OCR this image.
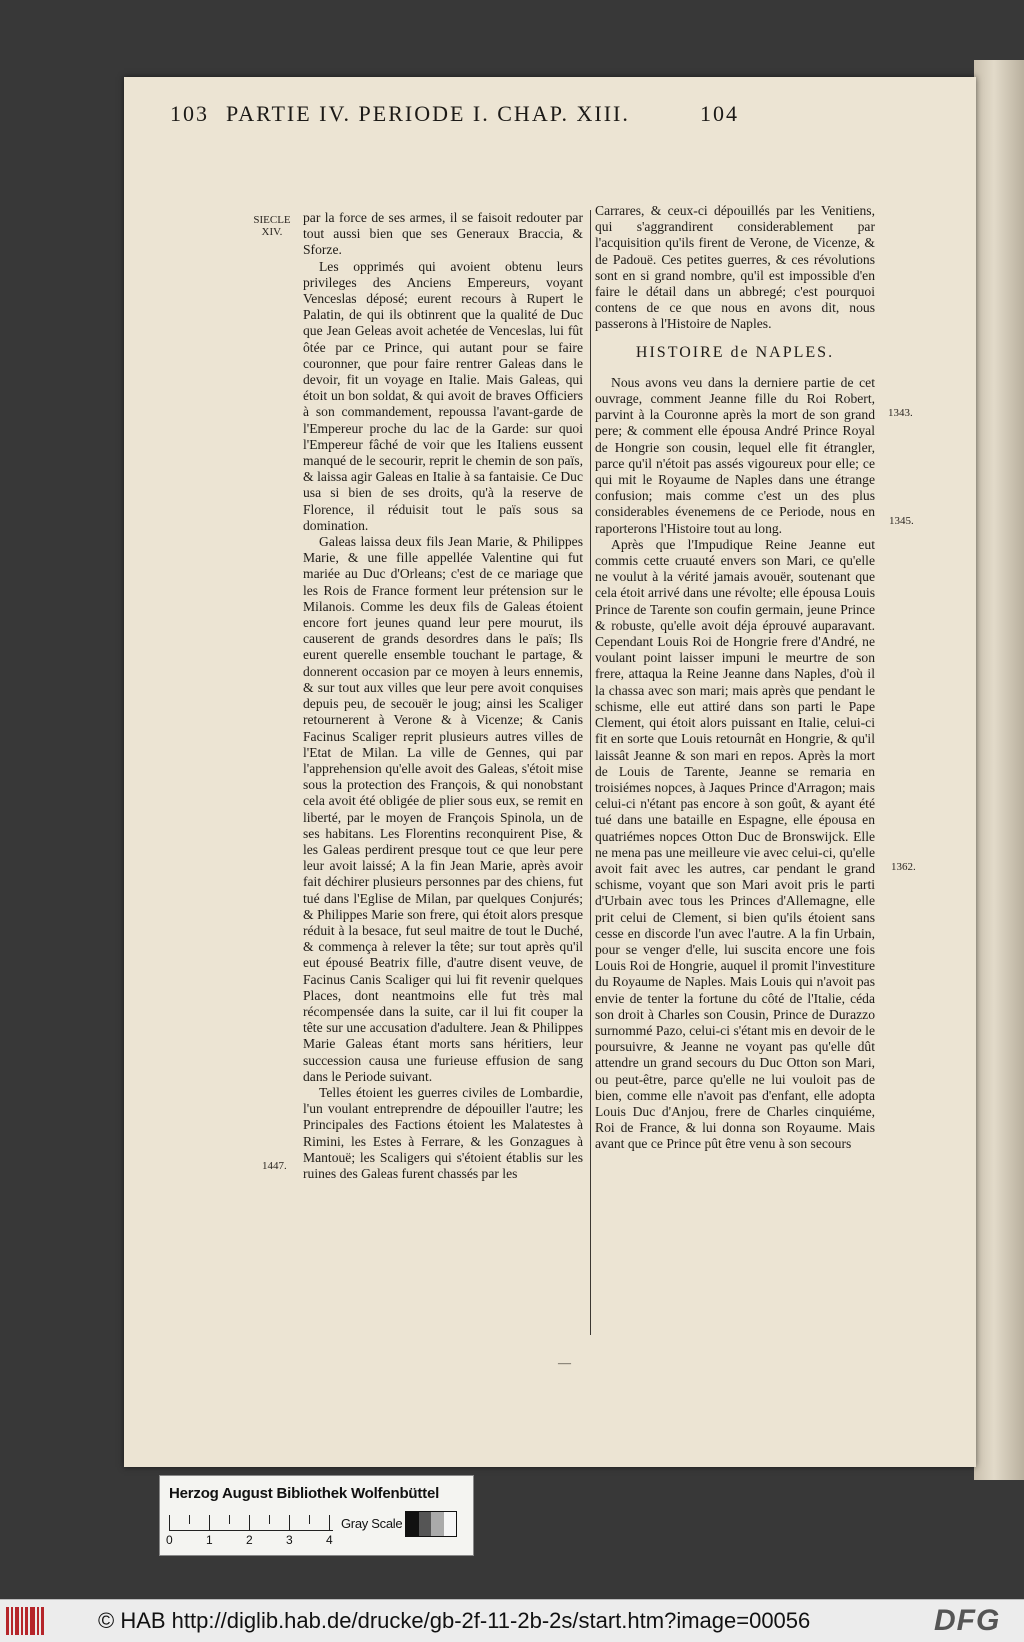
103 PARTIE IV. PERIODE I. CHAP. XIII.	104
SIECLE XIV.
1447.
1343.
1345.
1362.

par la force de ses armes, il se faisoit redouter par tout aussi bien que ses Generaux Braccia, & Sforze.

Les opprimés qui avoient obtenu leurs privileges des Anciens Empereurs, voyant Venceslas déposé; eurent recours à Rupert le Palatin, de qui ils obtinrent que la qualité de Duc que Jean Geleas avoit achetée de Venceslas, lui fût ôtée par ce Prince, qui autant pour se faire couronner, que pour faire rentrer Galeas dans le devoir, fit un voyage en Italie. Mais Galeas, qui étoit un bon soldat, & qui avoit de braves Officiers à son commandement, repoussa l'avant-garde de l'Empereur proche du lac de la Garde: sur quoi l'Empereur fâché de voir que les Italiens eussent manqué de le secourir, reprit le chemin de son païs, & laissa agir Galeas en Italie à sa fantaisie. Ce Duc usa si bien de ses droits, qu'à la reserve de Florence, il réduisit tout le païs sous sa domination.

Galeas laissa deux fils Jean Marie, & Philippes Marie, & une fille appellée Valentine qui fut mariée au Duc d'Orleans; c'est de ce mariage que les Rois de France forment leur prétension sur le Milanois. Comme les deux fils de Galeas étoient encore fort jeunes quand leur pere mourut, ils causerent de grands desordres dans le païs; Ils eurent querelle ensemble touchant le partage, & donnerent occasion par ce moyen à leurs ennemis, & sur tout aux villes que leur pere avoit conquises depuis peu, de secouër le joug; ainsi les Scaliger retournerent à Verone & à Vicenze; & Canis Facinus Scaliger reprit plusieurs autres villes de l'Etat de Milan. La ville de Gennes, qui par l'apprehension qu'elle avoit des Galeas, s'étoit mise sous la protection des François, & qui nonobstant cela avoit été obligée de plier sous eux, se remit en liberté, par le moyen de François Spinola, un de ses habitans. Les Florentins reconquirent Pise, & les Galeas perdirent presque tout ce que leur pere leur avoit laissé; A la fin Jean Marie, après avoir fait déchirer plusieurs personnes par des chiens, fut tué dans l'Eglise de Milan, par quelques Conjurés; & Philippes Marie son frere, qui étoit alors presque réduit à la besace, fut seul maitre de tout le Duché, & commença à relever la tête; sur tout après qu'il eut épousé Beatrix fille, d'autre disent veuve, de Facinus Canis Scaliger qui lui fit revenir quelques Places, dont neantmoins elle fut très mal récompensée dans la suite, car il lui fit couper la tête sur une accusation d'adultere. Jean & Philippes Marie Galeas étant morts sans héritiers, leur succession causa une furieuse effusion de sang dans le Periode suivant.

Telles étoient les guerres civiles de Lombardie, l'un voulant entreprendre de dépouiller l'autre; les Principales des Factions étoient les Malatestes à Rimini, les Estes à Ferrare, & les Gonzagues à Mantouë; les Scaligers qui s'étoient établis sur les ruines des Galeas furent chassés par les

Carrares, & ceux-ci dépouillés par les Venitiens, qui s'aggrandirent considerablement par l'acquisition qu'ils firent de Verone, de Vicenze, & de Padouë. Ces petites guerres, & ces révolutions sont en si grand nombre, qu'il est impossible d'en faire le détail dans un abbregé; c'est pourquoi contens de ce que nous en avons dit, nous passerons à l'Histoire de Naples.

HISTOIRE de NAPLES.

Nous avons veu dans la derniere partie de cet ouvrage, comment Jeanne fille du Roi Robert, parvint à la Couronne après la mort de son grand pere; & comment elle épousa André Prince Royal de Hongrie son cousin, lequel elle fit étrangler, parce qu'il n'étoit pas assés vigoureux pour elle; ce qui mit le Royaume de Naples dans une étrange confusion; mais comme c'est un des plus considerables évenemens de ce Periode, nous en raporterons l'Histoire tout au long.

Après que l'Impudique Reine Jeanne eut commis cette cruauté envers son Mari, ce qu'elle ne voulut à la vérité jamais avouër, soutenant que cela étoit arrivé dans une révolte; elle épousa Louis Prince de Tarente son coufin germain, jeune Prince & robuste, qu'elle avoit déja éprouvé auparavant. Cependant Louis Roi de Hongrie frere d'André, ne voulant point laisser impuni le meurtre de son frere, attaqua la Reine Jeanne dans Naples, d'où il la chassa avec son mari; mais après que pendant le schisme, elle eut attiré dans son parti le Pape Clement, qui étoit alors puissant en Italie, celui-ci fit en sorte que Louis retournât en Hongrie, & qu'il laissât Jeanne & son mari en repos. Après la mort de Louis de Tarente, Jeanne se remaria en troisiémes nopces, à Jaques Prince d'Arragon; mais celui-ci n'étant pas encore à son goût, & ayant été tué dans une bataille en Espagne, elle épousa en quatriémes nopces Otton Duc de Bronswijck. Elle ne mena pas une meilleure vie avec celui-ci, qu'elle avoit fait avec les autres, car pendant le grand schisme, voyant que son Mari avoit pris le parti d'Urbain avec tous les Princes d'Allemagne, elle prit celui de Clement, si bien qu'ils étoient sans cesse en discorde l'un avec l'autre. A la fin Urbain, pour se venger d'elle, lui suscita encore une fois Louis Roi de Hongrie, auquel il promit l'investiture du Royaume de Naples. Mais Louis qui n'avoit pas envie de tenter la fortune du côté de l'Italie, céda son droit à Charles son Cousin, Prince de Durazzo surnommé Pazo, celui-ci s'étant mis en devoir de le poursuivre, & Jeanne ne voyant pas qu'elle dût attendre un grand secours du Duc Otton son Mari, ou peut-être, parce qu'elle ne lui vouloit pas de bien, comme elle n'avoit pas d'enfant, elle adopta Louis Duc d'Anjou, frere de Charles cinquiéme, Roi de France, & lui donna son Royaume. Mais avant que ce Prince pût être venu à son secours

—
Herzog August Bibliothek Wolfenbüttel
0	1	2	3	4
Gray Scale
© HAB http://diglib.hab.de/drucke/gb-2f-11-2b-2s/start.htm?image=00056	DFG
